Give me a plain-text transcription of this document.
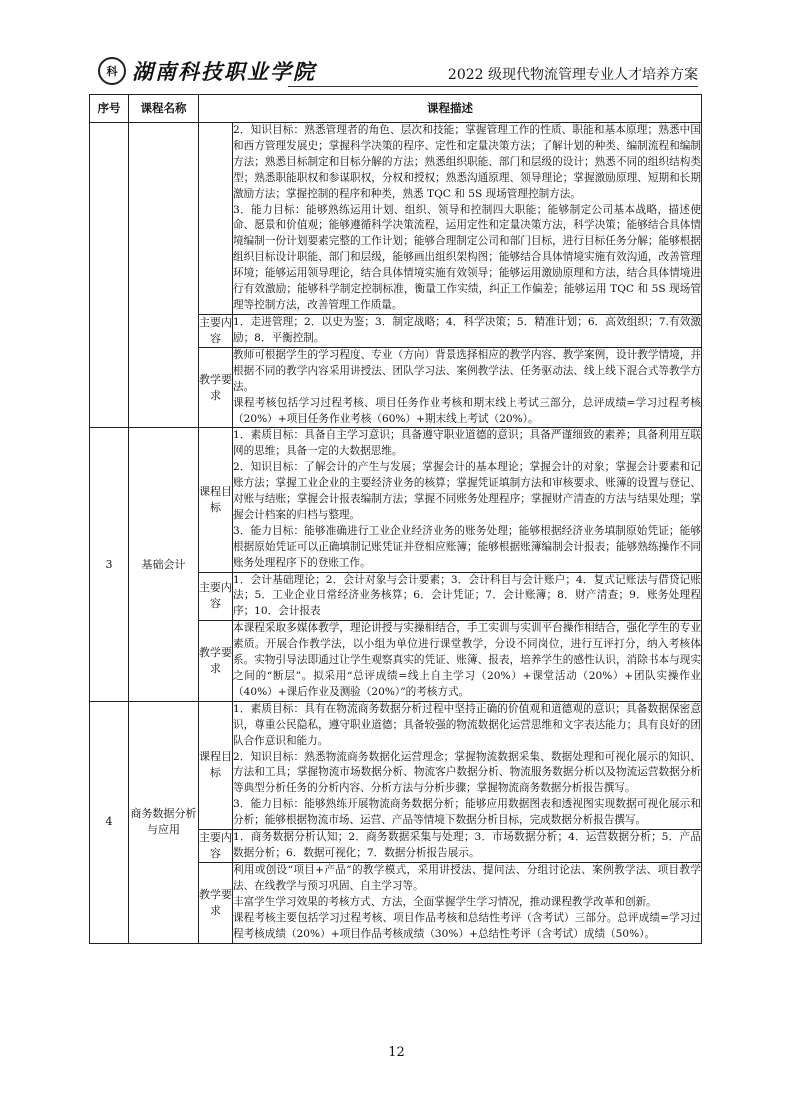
科 湖南科技职业学院	2022 级现代物流管理专业人才培养方案
序号	课程名称	课程描述	

			2．知识目标：熟悉管理者的角色、层次和技能；掌握管理工作的性质、职能和基本原理；熟悉中国和西方管理发展史；掌握科学决策的程序、定性和定量决策方法；了解计划的种类、编制流程和编制方法；熟悉目标制定和目标分解的方法；熟悉组织职能、部门和层级的设计；熟悉不同的组织结构类型；熟悉职能职权和参谋职权，分权和授权；熟悉沟通原理、领导理论；掌握激励原理、短期和长期激励方法；掌握控制的程序和种类，熟悉 TQC 和 5S 现场管理控制方法。

3．能力目标：能够熟练运用计划、组织、领导和控制四大职能；能够制定公司基本战略，描述使命、愿景和价值观；能够遵循科学决策流程，运用定性和定量决策方法，科学决策；能够结合具体情境编制一份计划要素完整的工作计划；能够合理制定公司和部门目标，进行目标任务分解；能够根据组织目标设计职能、部门和层级，能够画出组织架构图；能够结合具体情境实施有效沟通，改善管理环境；能够运用领导理论，结合具体情境实施有效领导；能够运用激励原理和方法，结合具体情境进行有效激励；能够科学制定控制标准，衡量工作实绩，纠正工作偏差；能够运用 TQC 和 5S 现场管理等控制方法，改善管理工作质量。

		主要内容	1．走进管理；2．以史为鉴；3．制定战略；4．科学决策；5．精准计划；6．高效组织；7.有效激励；8．平衡控制。
		教学要求	教师可根据学生的学习程度、专业（方向）背景选择相应的教学内容、教学案例，设计教学情境，并根据不同的教学内容采用讲授法、团队学习法、案例教学法、任务驱动法、线上线下混合式等教学方法。

课程考核包括学习过程考核、项目任务作业考核和期末线上考试三部分，总评成绩=学习过程考核（20%）+项目任务作业考核（60%）+期末线上考试（20%）。

3	基础会计	课程目标	1．素质目标：具备自主学习意识；具备遵守职业道德的意识；具备严谨细致的素养；具备利用互联网的思维；具备一定的大数据思维。

2．知识目标：了解会计的产生与发展；掌握会计的基本理论；掌握会计的对象；掌握会计要素和记账方法；掌握工业企业的主要经济业务的核算；掌握凭证填制方法和审核要求、账簿的设置与登记、对账与结账；掌握会计报表编制方法；掌握不同账务处理程序；掌握财产清查的方法与结果处理；掌握会计档案的归档与整理。

3．能力目标：能够准确进行工业企业经济业务的账务处理；能够根据经济业务填制原始凭证；能够根据原始凭证可以正确填制记账凭证并登相应账簿；能够根据账簿编制会计报表；能够熟练操作不同账务处理程序下的登账工作。

		主要内容	1．会计基础理论；2．会计对象与会计要素；3．会计科目与会计账户；4．复式记账法与借贷记账法；5．工业企业日常经济业务核算；6．会计凭证；7．会计账簿；8．财产清查；9．账务处理程序；10．会计报表
		教学要求	本课程采取多媒体教学，理论讲授与实操相结合，手工实训与实训平台操作相结合，强化学生的专业素质。开展合作教学法，以小组为单位进行课堂教学，分设不同岗位，进行互评打分，纳入考核体系。实物引导法即通过让学生观察真实的凭证、账簿、报表，培养学生的感性认识，消除书本与现实之间的“断层”。拟采用“总评成绩=线上自主学习（20%）+课堂活动（20%）+团队实操作业（40%）+课后作业及测验（20%）”的考核方式。

4	商务数据分析与应用	课程目标	1．素质目标：具有在物流商务数据分析过程中坚持正确的价值观和道德观的意识；具备数据保密意识，尊重公民隐私，遵守职业道德；具备较强的物流数据化运营思维和文字表达能力；具有良好的团队合作意识和能力。

2．知识目标：熟悉物流商务数据化运营理念；掌握物流数据采集、数据处理和可视化展示的知识、方法和工具；掌握物流市场数据分析、物流客户数据分析、物流服务数据分析以及物流运营数据分析等典型分析任务的分析内容、分析方法与分析步骤；掌握物流商务数据分析报告撰写。

3．能力目标：能够熟练开展物流商务数据分析；能够应用数据图表和透视图实现数据可视化展示和分析；能够根据物流市场、运营、产品等情境下数据分析目标，完成数据分析报告撰写。

		主要内容	1．商务数据分析认知；2．商务数据采集与处理；3．市场数据分析；4．运营数据分析；5．产品数据分析；6．数据可视化；7．数据分析报告展示。
		教学要求	利用或创设“项目+产品”的教学模式，采用讲授法、提问法、分组讨论法、案例教学法、项目教学法、在线教学与预习巩固、自主学习等。

丰富学生学习效果的考核方式、方法，全面掌握学生学习情况，推动课程教学改革和创新。

课程考核主要包括学习过程考核、项目作品考核和总结性考评（含考试）三部分。总评成绩=学习过程考核成绩（20%）+项目作品考核成绩（30%）+总结性考评（含考试）成绩（50%）。

12
